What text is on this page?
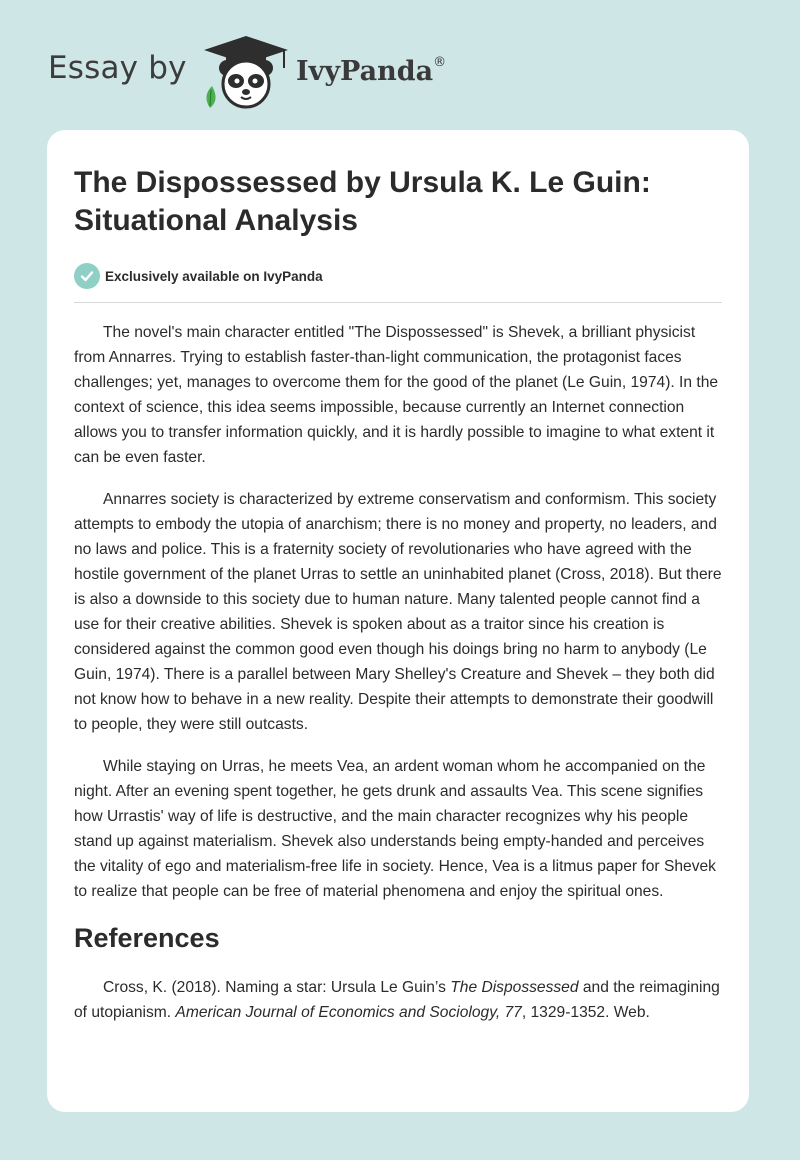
Essay by	IvyPanda®
The Dispossessed by Ursula K. Le Guin: Situational Analysis
Exclusively available on IvyPanda

The novel's main character entitled "The Dispossessed" is Shevek, a brilliant physicist from Annarres. Trying to establish faster-than-light communication, the protagonist faces challenges; yet, manages to overcome them for the good of the planet (Le Guin, 1974). In the context of science, this idea seems impossible, because currently an Internet connection allows you to transfer information quickly, and it is hardly possible to imagine to what extent it can be even faster.

Annarres society is characterized by extreme conservatism and conformism. This society attempts to embody the utopia of anarchism; there is no money and property, no leaders, and no laws and police. This is a fraternity society of revolutionaries who have agreed with the hostile government of the planet Urras to settle an uninhabited planet (Cross, 2018). But there is also a downside to this society due to human nature. Many talented people cannot find a use for their creative abilities. Shevek is spoken about as a traitor since his creation is considered against the common good even though his doings bring no harm to anybody (Le Guin, 1974). There is a parallel between Mary Shelley's Creature and Shevek – they both did not know how to behave in a new reality. Despite their attempts to demonstrate their goodwill to people, they were still outcasts.

While staying on Urras, he meets Vea, an ardent woman whom he accompanied on the night. After an evening spent together, he gets drunk and assaults Vea. This scene signifies how Urrastis' way of life is destructive, and the main character recognizes why his people stand up against materialism. Shevek also understands being empty-handed and perceives the vitality of ego and materialism-free life in society. Hence, Vea is a litmus paper for Shevek to realize that people can be free of material phenomena and enjoy the spiritual ones.

References

Cross, K. (2018). Naming a star: Ursula Le Guin’s The Dispossessed and the reimagining of utopianism. American Journal of Economics and Sociology, 77, 1329-1352. Web.
